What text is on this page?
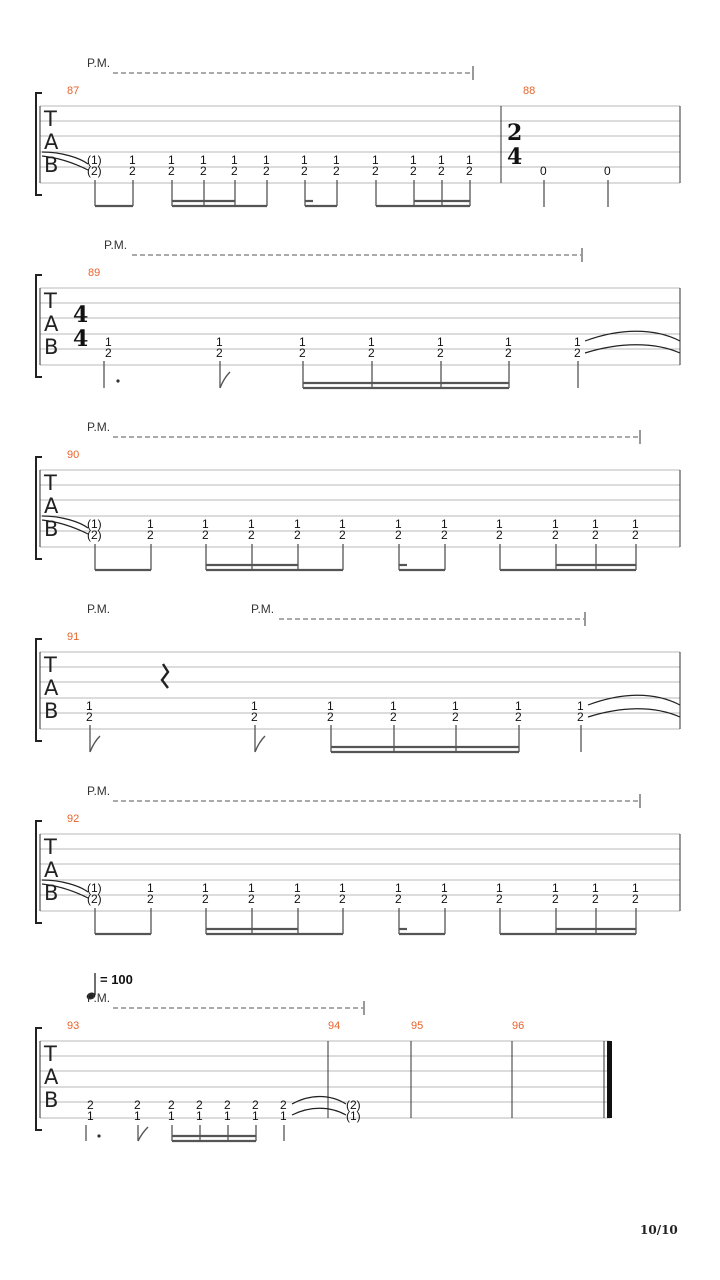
P.M.
T
A
B
87	88
2
4
(1)
(2)
1
2
1
2
1
2
1
2
1
2
1
2
1
2
1
2
1
2
1
2
1
2	0	0
P.M.
T
A
B
89
4
4 1
2
1
2
1
2
1
2
1
2
1
2
1
2
P.M.
T
A
B
90
(1)
(2)
1
2
1
2
1
2
1
2
1
2
1
2
1
2
1
2
1
2
1
2
1
2
P.M.	P.M.
T
A
B
91
1
2
1
2
1
2
1
2
1
2
1
2
1
2
P.M.
T
A
B
92
(1)
(2)
1
2
1
2
1
2
1
2
1
2
1
2
1
2
1
2
1
2
1
2
1
2
= 100
P.M.
T
A
B
93	94	95	96
2
1
2
1
2
1
2
1
2
1
2
1
2
1
(2)
(1)
10/10
